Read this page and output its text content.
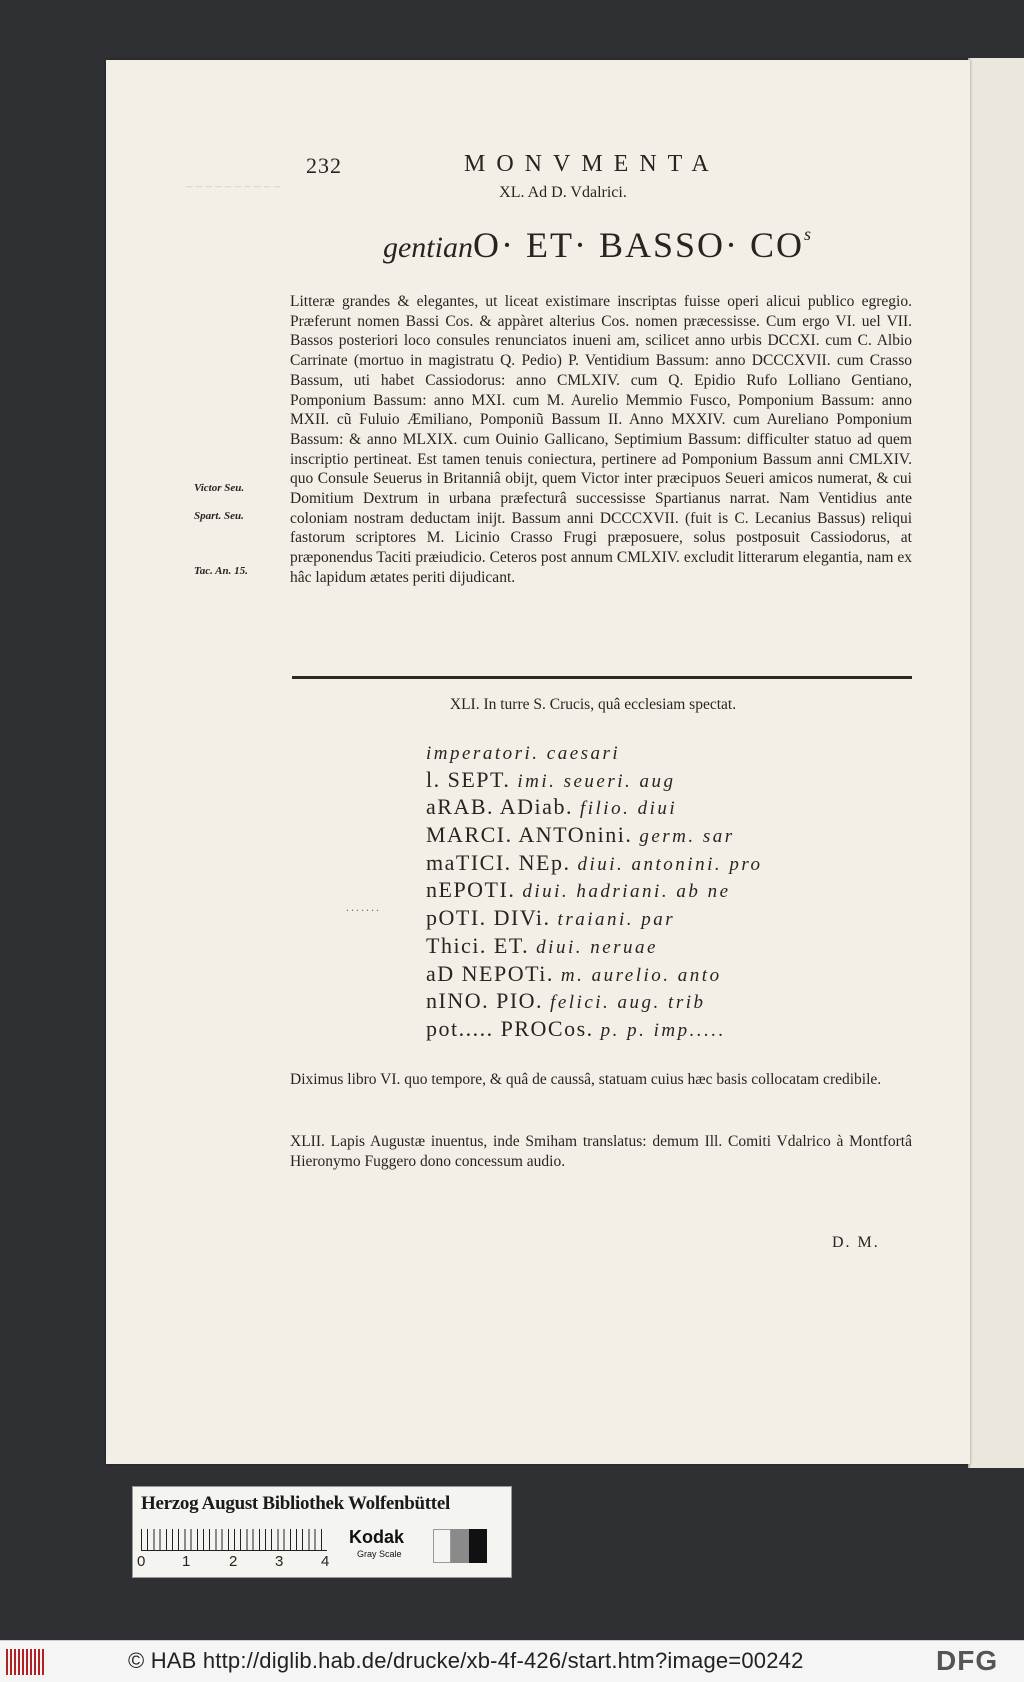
– – – – – – – – – –
232	MONVMENTA
XL. Ad D. Vdalrici.
gentianO· ET· BASSO· $CO^s$
Litteræ grandes & elegantes, ut liceat existimare inscriptas fuisse operi alicui publico egregio. Præferunt nomen Bassi Cos. & appàret alterius Cos. nomen præcessisse. Cum ergo VI. uel VII. Bassos posteriori loco consules renunciatos inueni am, scilicet anno urbis DCCXI. cum C. Albio Carrinate (mortuo in magistratu Q. Pedio) P. Ventidium Bassum: anno DCCCXVII. cum Crasso Bassum, uti habet Cassiodorus: anno CMLXIV. cum Q. Epidio Rufo Lolliano Gentiano, Pomponium Bassum: anno MXI. cum M. Aurelio Memmio Fusco, Pomponium Bassum: anno MXII. cũ Fuluio Æmiliano, Pomponiũ Bassum II. Anno MXXIV. cum Aureliano Pomponium Bassum: & anno MLXIX. cum Ouinio Gallicano, Septimium Bassum: difficulter statuo ad quem inscriptio pertineat. Est tamen tenuis coniectura, pertinere ad Pomponium Bassum anni CMLXIV. quo Consule Seuerus in Britanniâ obijt, quem Victor inter præcipuos Seueri amicos numerat, & cui Domitium Dextrum in urbana præfecturâ successisse Spartianus narrat. Nam Ventidius ante coloniam nostram deductam inijt. Bassum anni DCCCXVII. (fuit is C. Lecanius Bassus) reliqui fastorum scriptores M. Licinio Crasso Frugi præposuere, solus postposuit Cassiodorus, at præponendus Taciti præiudicio. Ceteros post annum CMLXIV. excludit litterarum elegantia, nam ex hâc lapidum ætates periti dijudicant.
Victor Seu.
Spart. Seu.
Tac. An. 15.
XLI. In turre S. Crucis, quâ ecclesiam spectat.
.......
imperatori. caesari
l. SEPT. imi. seueri. aug
aRAB. ADiab. filio. diui
MARCI. ANTOnini. germ. sar
maTICI. NEp. diui. antonini. pro
nEPOTI. diui. hadriani. ab ne
pOTI. DIVi. traiani. par
Thici. ET. diui. neruae
aD NEPOTi. m. aurelio. anto
nINO. PIO. felici. aug. trib
pot..... PROCos. p. p. imp.....
Diximus libro VI. quo tempore, & quâ de caussâ, statuam cuius hæc basis collocatam credibile.
XLII. Lapis Augustæ inuentus, inde Smiham translatus: demum Ill. Comiti Vdalrico à Montfortâ Hieronymo Fuggero dono concessum audio.
D. M.
Herzog August Bibliothek Wolfenbüttel
0 1	2	3	4
Kodak
Gray Scale
© HAB http://diglib.hab.de/drucke/xb-4f-426/start.htm?image=00242	DFG
